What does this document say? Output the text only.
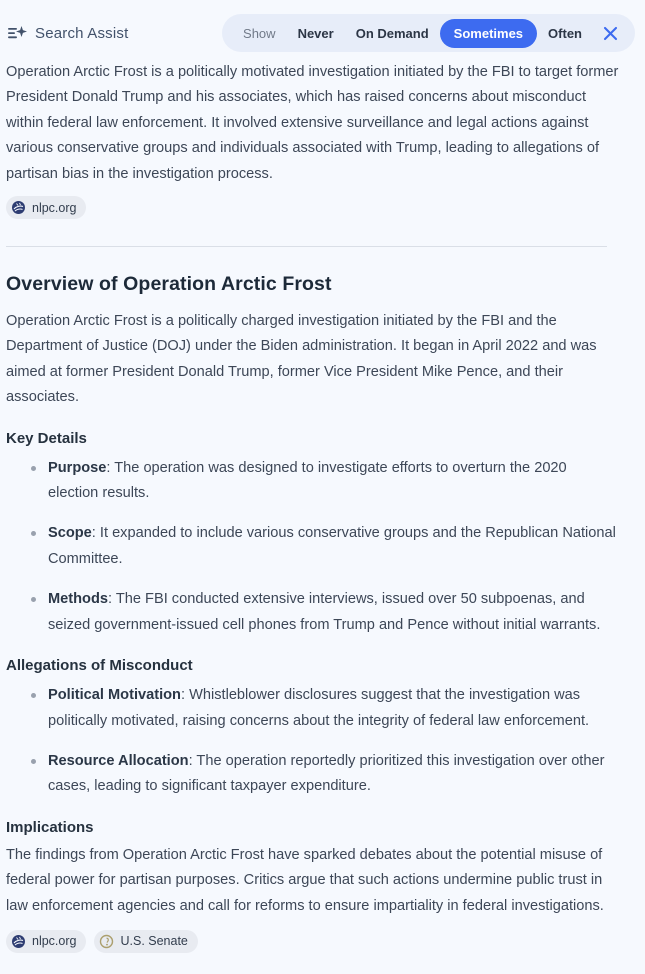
Search Assist	Show	Never	On Demand	Sometimes	Often

Operation Arctic Frost is a politically motivated investigation initiated by the FBI to target former President Donald Trump and his associates, which has raised concerns about misconduct within federal law enforcement. It involved extensive surveillance and legal actions against various conservative groups and individuals associated with Trump, leading to allegations of partisan bias in the investigation process.

nlpc.org
Overview of Operation Arctic Frost

Operation Arctic Frost is a politically charged investigation initiated by the FBI and the Department of Justice (DOJ) under the Biden administration. It began in April 2022 and was aimed at former President Donald Trump, former Vice President Mike Pence, and their associates.

Key Details
Purpose: The operation was designed to investigate efforts to overturn the 2020 election results.
Scope: It expanded to include various conservative groups and the Republican National Committee.
Methods: The FBI conducted extensive interviews, issued over 50 subpoenas, and seized government-issued cell phones from Trump and Pence without initial warrants.
Allegations of Misconduct
Political Motivation: Whistleblower disclosures suggest that the investigation was politically motivated, raising concerns about the integrity of federal law enforcement.
Resource Allocation: The operation reportedly prioritized this investigation over other cases, leading to significant taxpayer expenditure.
Implications

The findings from Operation Arctic Frost have sparked debates about the potential misuse of federal power for partisan purposes. Critics argue that such actions undermine public trust in law enforcement agencies and call for reforms to ensure impartiality in federal investigations.

nlpc.org	U.S. Senate
